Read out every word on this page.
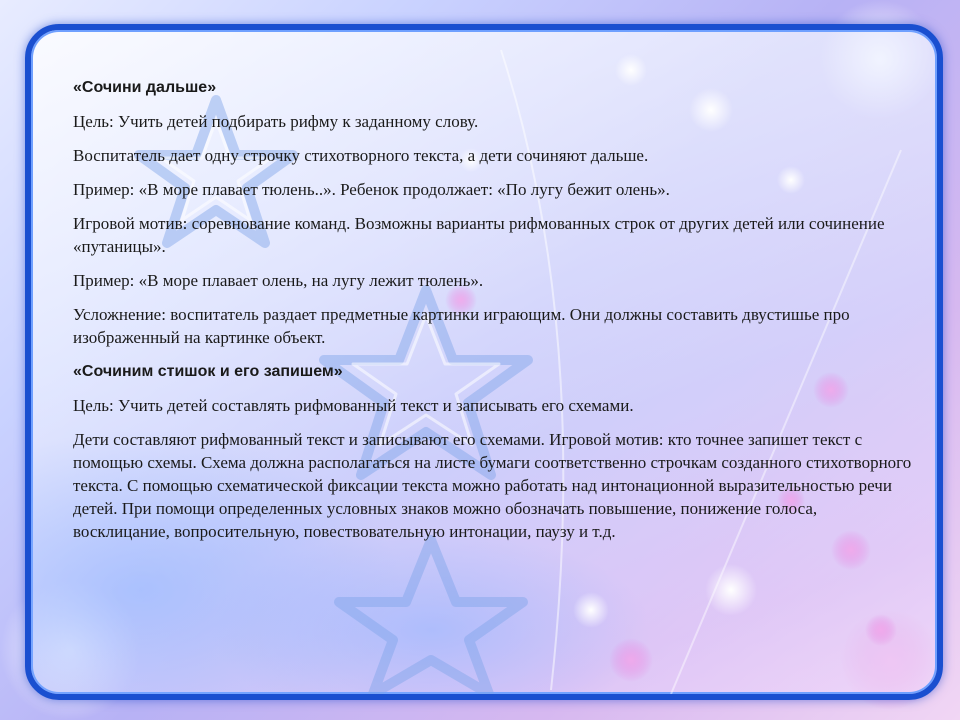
«Сочини дальше»

Цель: Учить детей подбирать рифму к заданному слову.

Воспитатель дает одну строчку стихотворного текста, а дети сочиняют дальше.

Пример: «В море плавает тюлень..». Ребенок продолжает: «По лугу бежит олень».

Игровой мотив: соревнование команд. Возможны варианты рифмованных строк от других детей или сочинение «путаницы».

Пример: «В море плавает олень, на лугу лежит тюлень».

Усложнение: воспитатель раздает предметные картинки играющим. Они должны составить двустишье про изображенный на картинке объект.

«Сочиним стишок и его запишем»

Цель: Учить детей составлять рифмованный текст и записывать его схемами.

Дети составляют рифмованный текст и записывают его схемами. Игровой мотив: кто точнее запишет текст с помощью схемы. Схема должна располагаться на листе бумаги соответственно строчкам созданного стихотворного текста. С помощью схематической фиксации текста можно работать над интонационной выразительностью речи детей. При помощи определенных условных знаков можно обозначать повышение, понижение голоса, восклицание, вопросительную, повествовательную интонации, паузу и т.д.
